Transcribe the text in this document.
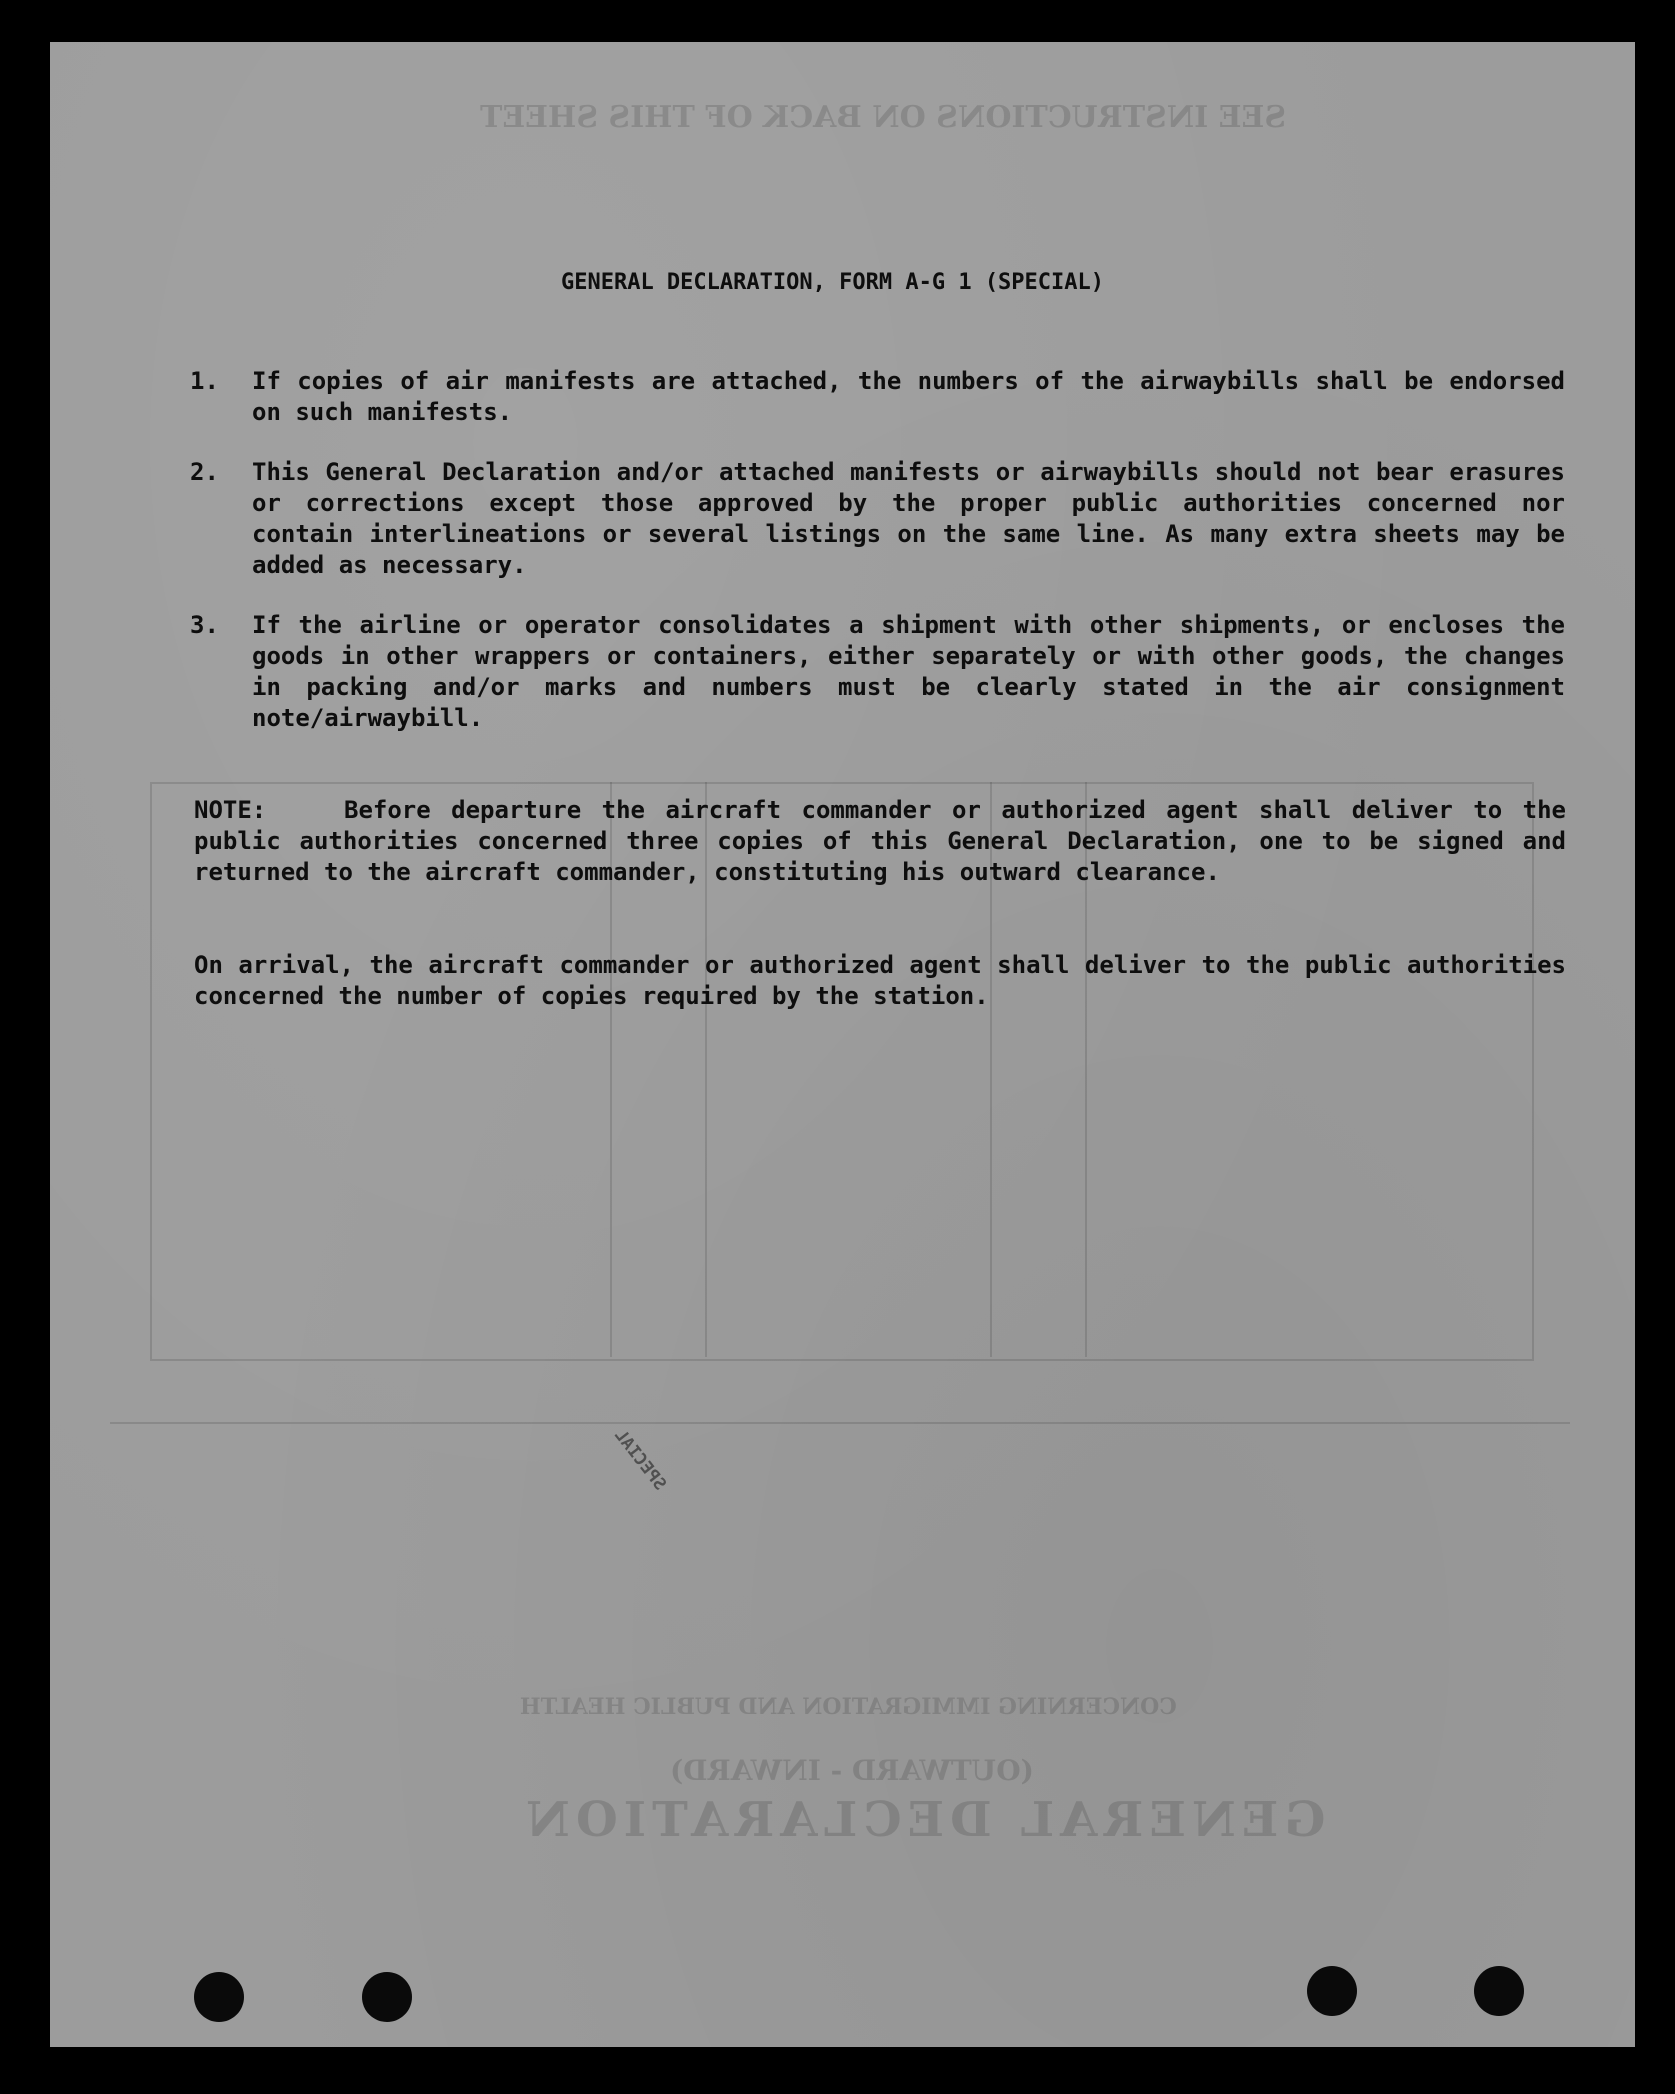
SEE INSTRUCTIONS ON BACK OF THIS SHEET
CONCERNING IMMIGRATION AND PUBLIC HEALTH
(OUTWARD - INWARD)
GENERAL DECLARATION
GENERAL DECLARATION, FORM A-G 1 (SPECIAL)
1.	If copies of air manifests are attached, the numbers of the airwaybills shall be endorsed on such manifests.
2.	This General Declaration and/or attached manifests or airwaybills should not bear erasures or corrections except those approved by the proper public authorities concerned nor contain interlineations or several listings on the same line. As many extra sheets may be added as necessary.
3.	If the airline or operator consolidates a shipment with other shipments, or encloses the goods in other wrappers or containers, either separately or with other goods, the changes in packing and/or marks and numbers must be clearly stated in the air consignment note/airwaybill.
NOTE:	Before departure the aircraft commander or authorized agent shall deliver to the public authorities concerned three copies of this General Declaration, one to be signed and returned to the aircraft commander, constituting his outward clearance.
On arrival, the aircraft commander or authorized agent shall deliver to the public authorities concerned the number of copies required by the station.
SPECIAL
